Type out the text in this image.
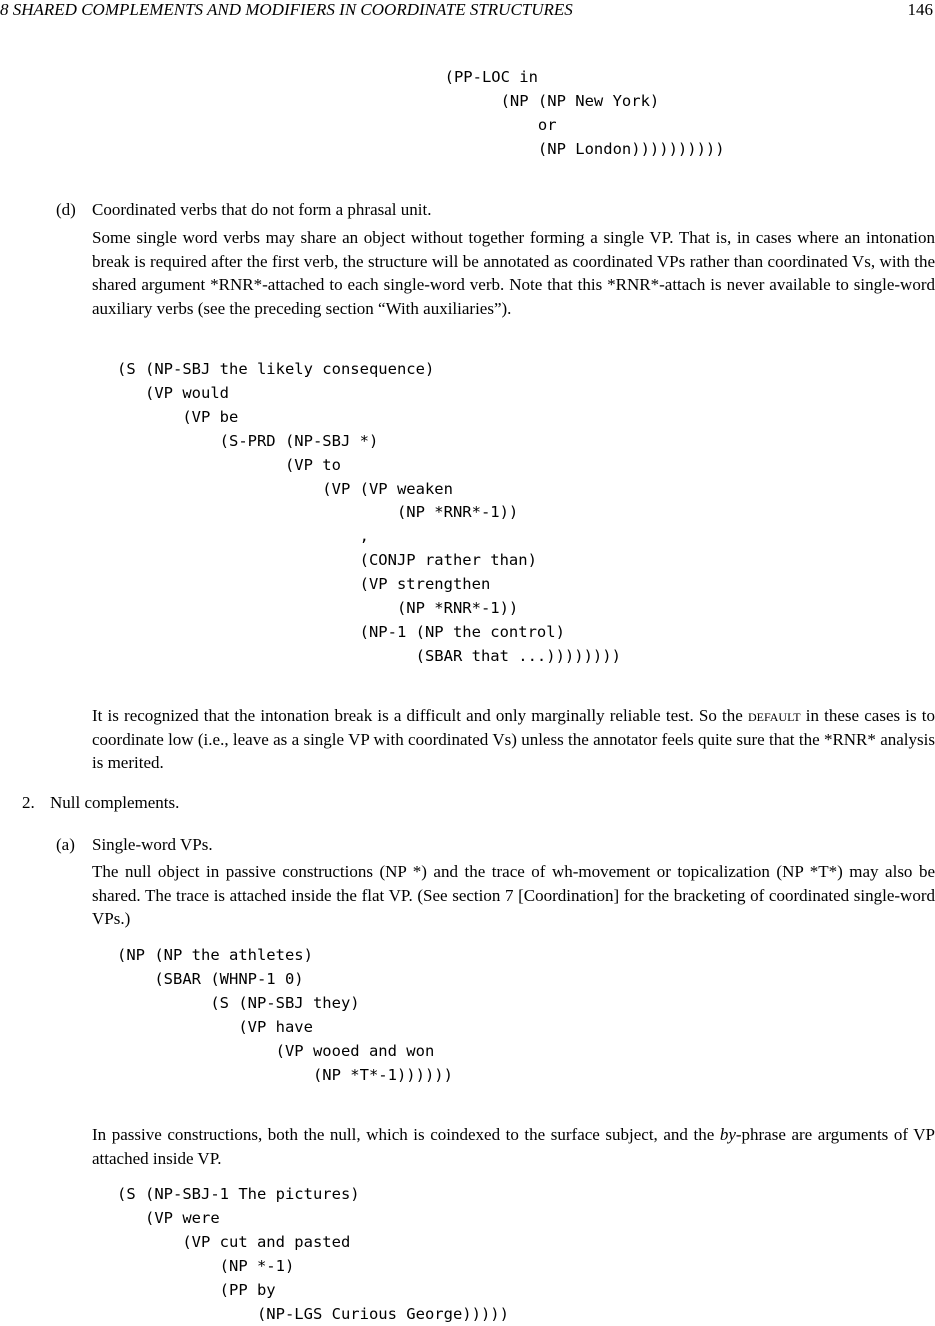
8 SHARED COMPLEMENTS AND MODIFIERS IN COORDINATE STRUCTURES	146
(PP-LOC in
(NP (NP New York)
or
(NP London))))))))))
(d) Coordinated verbs that do not form a phrasal unit.

Some single word verbs may share an object without together forming a single VP. That is, in cases where an intonation break is required after the first verb, the structure will be annotated as coordinated VPs rather than coordinated Vs, with the shared argument *RNR*-attached to each single-word verb. Note that this *RNR*-attach is never available to single-word auxiliary verbs (see the preceding section “With auxiliaries”).

(S (NP-SBJ the likely consequence)
(VP would
(VP be
(S-PRD (NP-SBJ *)
(VP to
(VP (VP weaken
(NP *RNR*-1))
,
(CONJP rather than)
(VP strengthen
(NP *RNR*-1))
(NP-1 (NP the control)
(SBAR that ...))))))))

It is recognized that the intonation break is a difficult and only marginally reliable test. So the default in these cases is to coordinate low (i.e., leave as a single VP with coordinated Vs) unless the annotator feels quite sure that the *RNR* analysis is merited.

2. Null complements.

(a) Single-word VPs.

The null object in passive constructions (NP *) and the trace of wh-movement or topicalization (NP *T*) may also be shared. The trace is attached inside the flat VP. (See section 7 [Coordination] for the bracketing of coordinated single-word VPs.)

(NP (NP the athletes)
(SBAR (WHNP-1 0)
(S (NP-SBJ they)
(VP have
(VP wooed and won
(NP *T*-1))))))

In passive constructions, both the null, which is coindexed to the surface subject, and the by-phrase are arguments of VP attached inside VP.

(S (NP-SBJ-1 The pictures)
(VP were
(VP cut and pasted
(NP *-1)
(PP by
(NP-LGS Curious George)))))
